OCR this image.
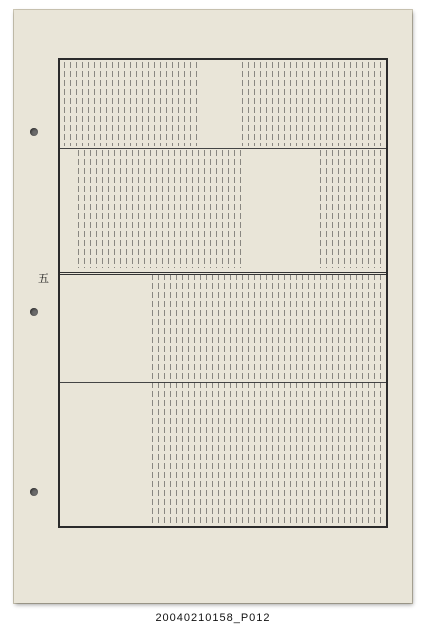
五
20040210158_P012
